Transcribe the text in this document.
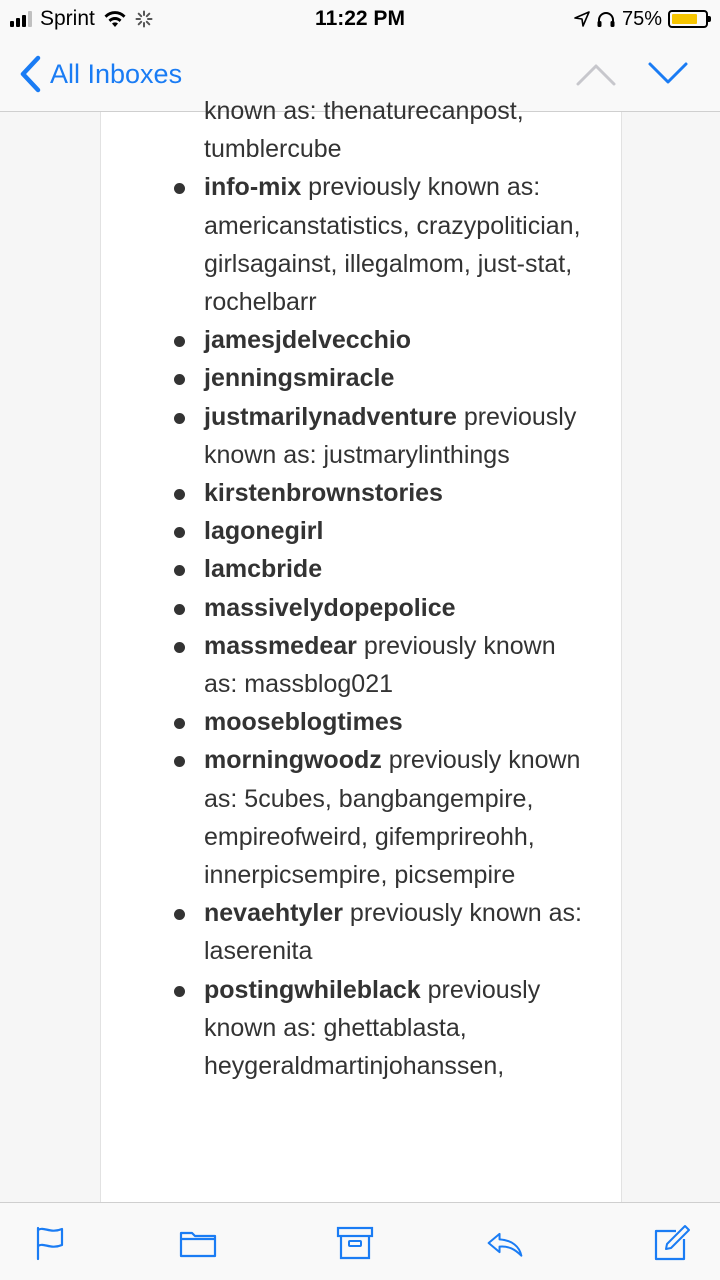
Sprint	11:22 PM	75%
All Inboxes
known as: thenaturecanpost, tumblercube
info-mix previously known as: americanstatistics, crazypolitician, girlsagainst, illegalmom, just-stat, rochelbarr
jamesjdelvecchio
jenningsmiracle
justmarilynadventure previously known as: justmarylinthings
kirstenbrownstories
lagonegirl
lamcbride
massivelydopepolice
massmedear previously known as: massblog021
mooseblogtimes
morningwoodz previously known as: 5cubes, bangbangempire, empireofweird, gifemprireohh, innerpicsempire, picsempire
nevaehtyler previously known as: laserenita
postingwhileblack previously known as: ghettablasta, heygeraldmartinjohanssen,
